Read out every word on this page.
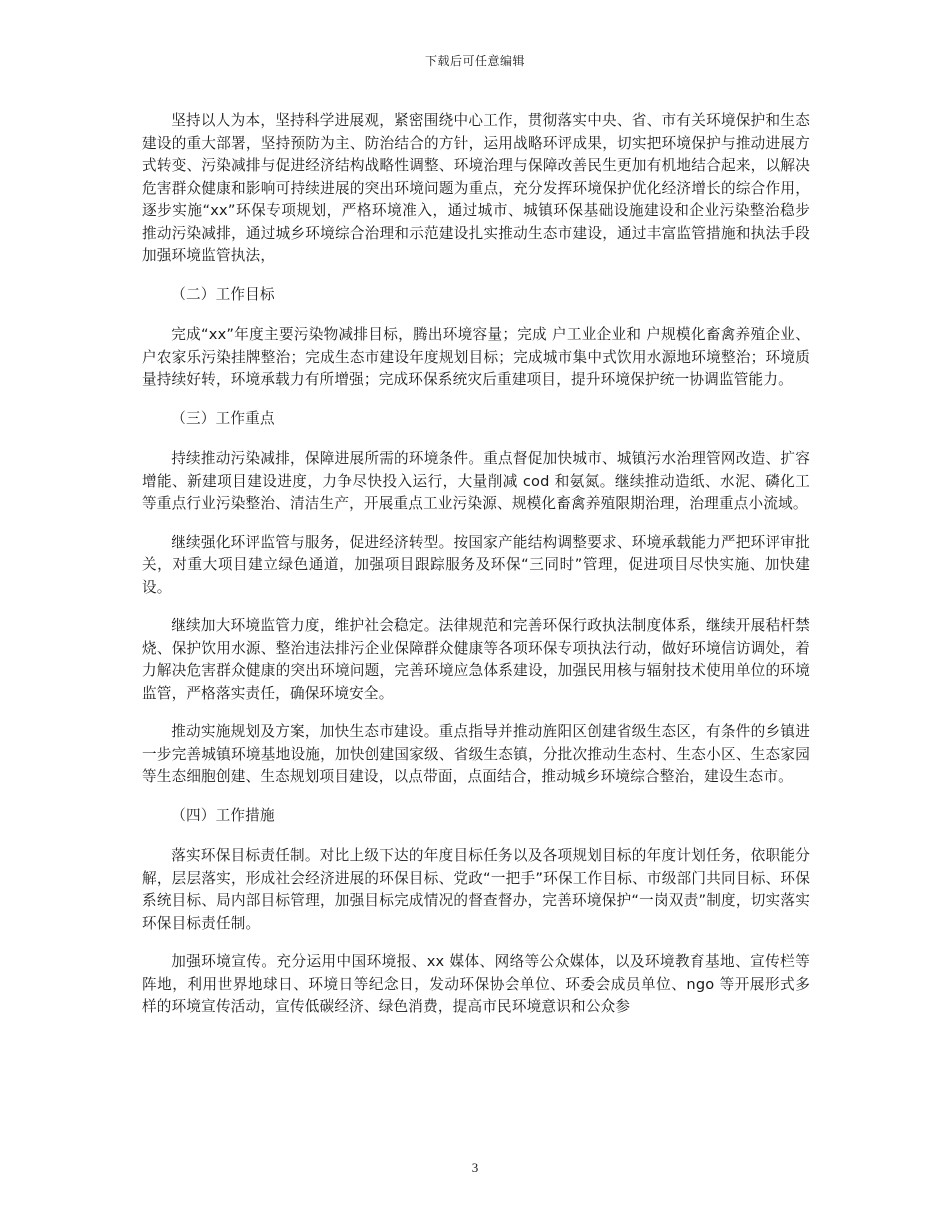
下载后可任意编辑

坚持以人为本，坚持科学进展观，紧密围绕中心工作，贯彻落实中央、省、市有关环境保护和生态建设的重大部署，坚持预防为主、防治结合的方针，运用战略环评成果，切实把环境保护与推动进展方式转变、污染减排与促进经济结构战略性调整、环境治理与保障改善民生更加有机地结合起来，以解决危害群众健康和影响可持续进展的突出环境问题为重点，充分发挥环境保护优化经济增长的综合作用，逐步实施“xx”环保专项规划，严格环境准入，通过城市、城镇环保基础设施建设和企业污染整治稳步推动污染减排，通过城乡环境综合治理和示范建设扎实推动生态市建设，通过丰富监管措施和执法手段加强环境监管执法，

（二）工作目标

完成“xx”年度主要污染物减排目标，腾出环境容量；完成 户工业企业和 户规模化畜禽养殖企业、 户农家乐污染挂牌整治；完成生态市建设年度规划目标；完成城市集中式饮用水源地环境整治；环境质量持续好转，环境承载力有所增强；完成环保系统灾后重建项目，提升环境保护统一协调监管能力。

（三）工作重点

持续推动污染减排，保障进展所需的环境条件。重点督促加快城市、城镇污水治理管网改造、扩容增能、新建项目建设进度，力争尽快投入运行，大量削减 cod 和氨氮。继续推动造纸、水泥、磷化工等重点行业污染整治、清洁生产，开展重点工业污染源、规模化畜禽养殖限期治理，治理重点小流域。

继续强化环评监管与服务，促进经济转型。按国家产能结构调整要求、环境承载能力严把环评审批关，对重大项目建立绿色通道，加强项目跟踪服务及环保“三同时”管理，促进项目尽快实施、加快建设。

继续加大环境监管力度，维护社会稳定。法律规范和完善环保行政执法制度体系，继续开展秸杆禁烧、保护饮用水源、整治违法排污企业保障群众健康等各项环保专项执法行动，做好环境信访调处，着力解决危害群众健康的突出环境问题，完善环境应急体系建设，加强民用核与辐射技术使用单位的环境监管，严格落实责任，确保环境安全。

推动实施规划及方案，加快生态市建设。重点指导并推动旌阳区创建省级生态区，有条件的乡镇进一步完善城镇环境基地设施，加快创建国家级、省级生态镇，分批次推动生态村、生态小区、生态家园等生态细胞创建、生态规划项目建设，以点带面，点面结合，推动城乡环境综合整治，建设生态市。

（四）工作措施

落实环保目标责任制。对比上级下达的年度目标任务以及各项规划目标的年度计划任务，依职能分解，层层落实，形成社会经济进展的环保目标、党政“一把手”环保工作目标、市级部门共同目标、环保系统目标、局内部目标管理，加强目标完成情况的督查督办，完善环境保护“一岗双责”制度，切实落实环保目标责任制。

加强环境宣传。充分运用中国环境报、xx 媒体、网络等公众媒体，以及环境教育基地、宣传栏等阵地，利用世界地球日、环境日等纪念日，发动环保协会单位、环委会成员单位、ngo 等开展形式多样的环境宣传活动，宣传低碳经济、绿色消费，提高市民环境意识和公众参

3
